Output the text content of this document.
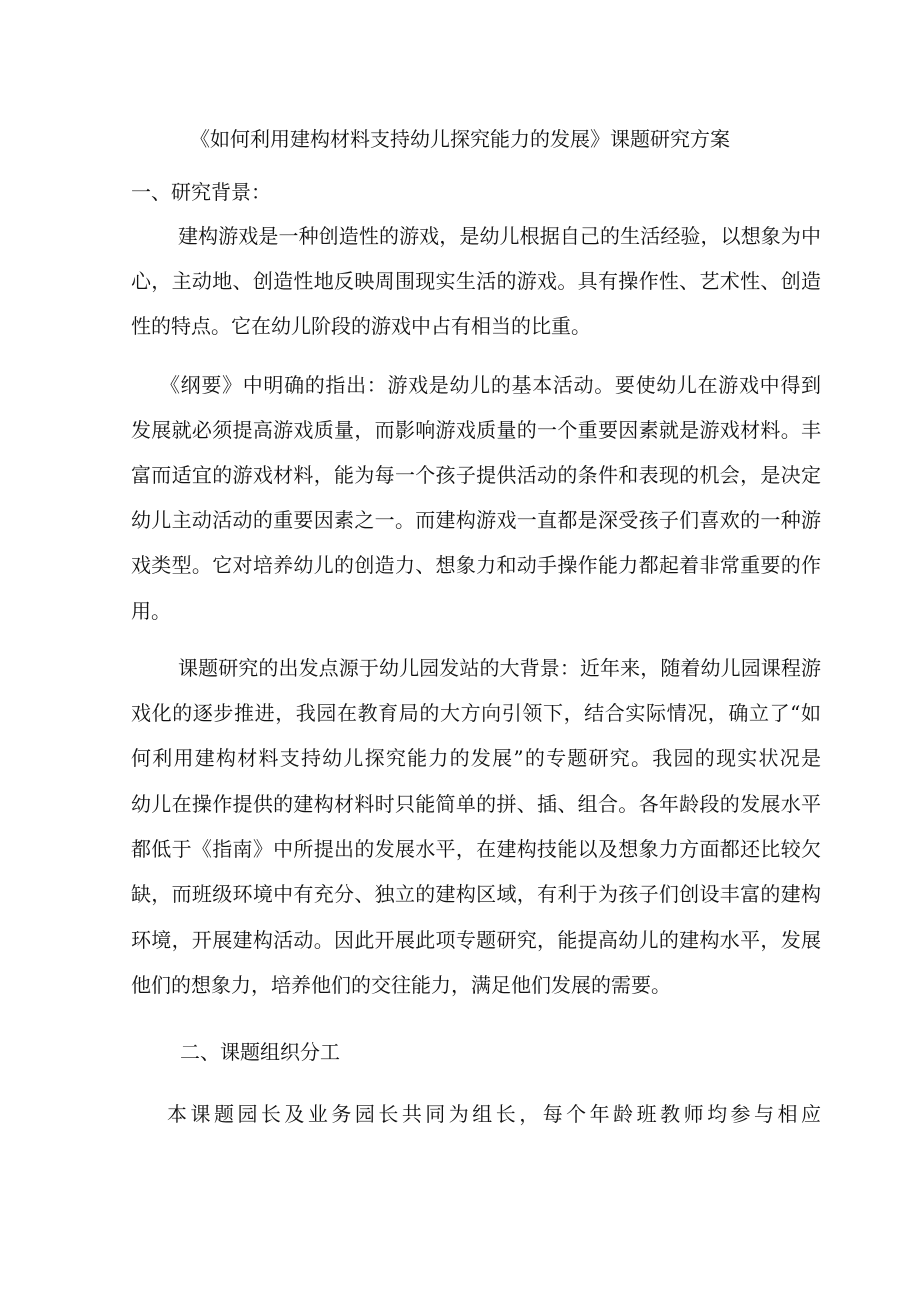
《如何利用建构材料支持幼儿探究能力的发展》课题研究方案
一、研究背景：
建构游戏是一种创造性的游戏，是幼儿根据自己的生活经验，以想象为中
心，主动地、创造性地反映周围现实生活的游戏。具有操作性、艺术性、创造
性的特点。它在幼儿阶段的游戏中占有相当的比重。
《纲要》中明确的指出：游戏是幼儿的基本活动。要使幼儿在游戏中得到
发展就必须提高游戏质量，而影响游戏质量的一个重要因素就是游戏材料。丰
富而适宜的游戏材料，能为每一个孩子提供活动的条件和表现的机会，是决定
幼儿主动活动的重要因素之一。而建构游戏一直都是深受孩子们喜欢的一种游
戏类型。它对培养幼儿的创造力、想象力和动手操作能力都起着非常重要的作
用。
课题研究的出发点源于幼儿园发站的大背景：近年来，随着幼儿园课程游
戏化的逐步推进，我园在教育局的大方向引领下，结合实际情况，确立了“如
何利用建构材料支持幼儿探究能力的发展”的专题研究。我园的现实状况是
幼儿在操作提供的建构材料时只能简单的拼、插、组合。各年龄段的发展水平
都低于《指南》中所提出的发展水平，在建构技能以及想象力方面都还比较欠
缺，而班级环境中有充分、独立的建构区域，有利于为孩子们创设丰富的建构
环境，开展建构活动。因此开展此项专题研究，能提高幼儿的建构水平，发展
他们的想象力，培养他们的交往能力，满足他们发展的需要。
二、课题组织分工
本课题园长及业务园长共同为组长，每个年龄班教师均参与相应
